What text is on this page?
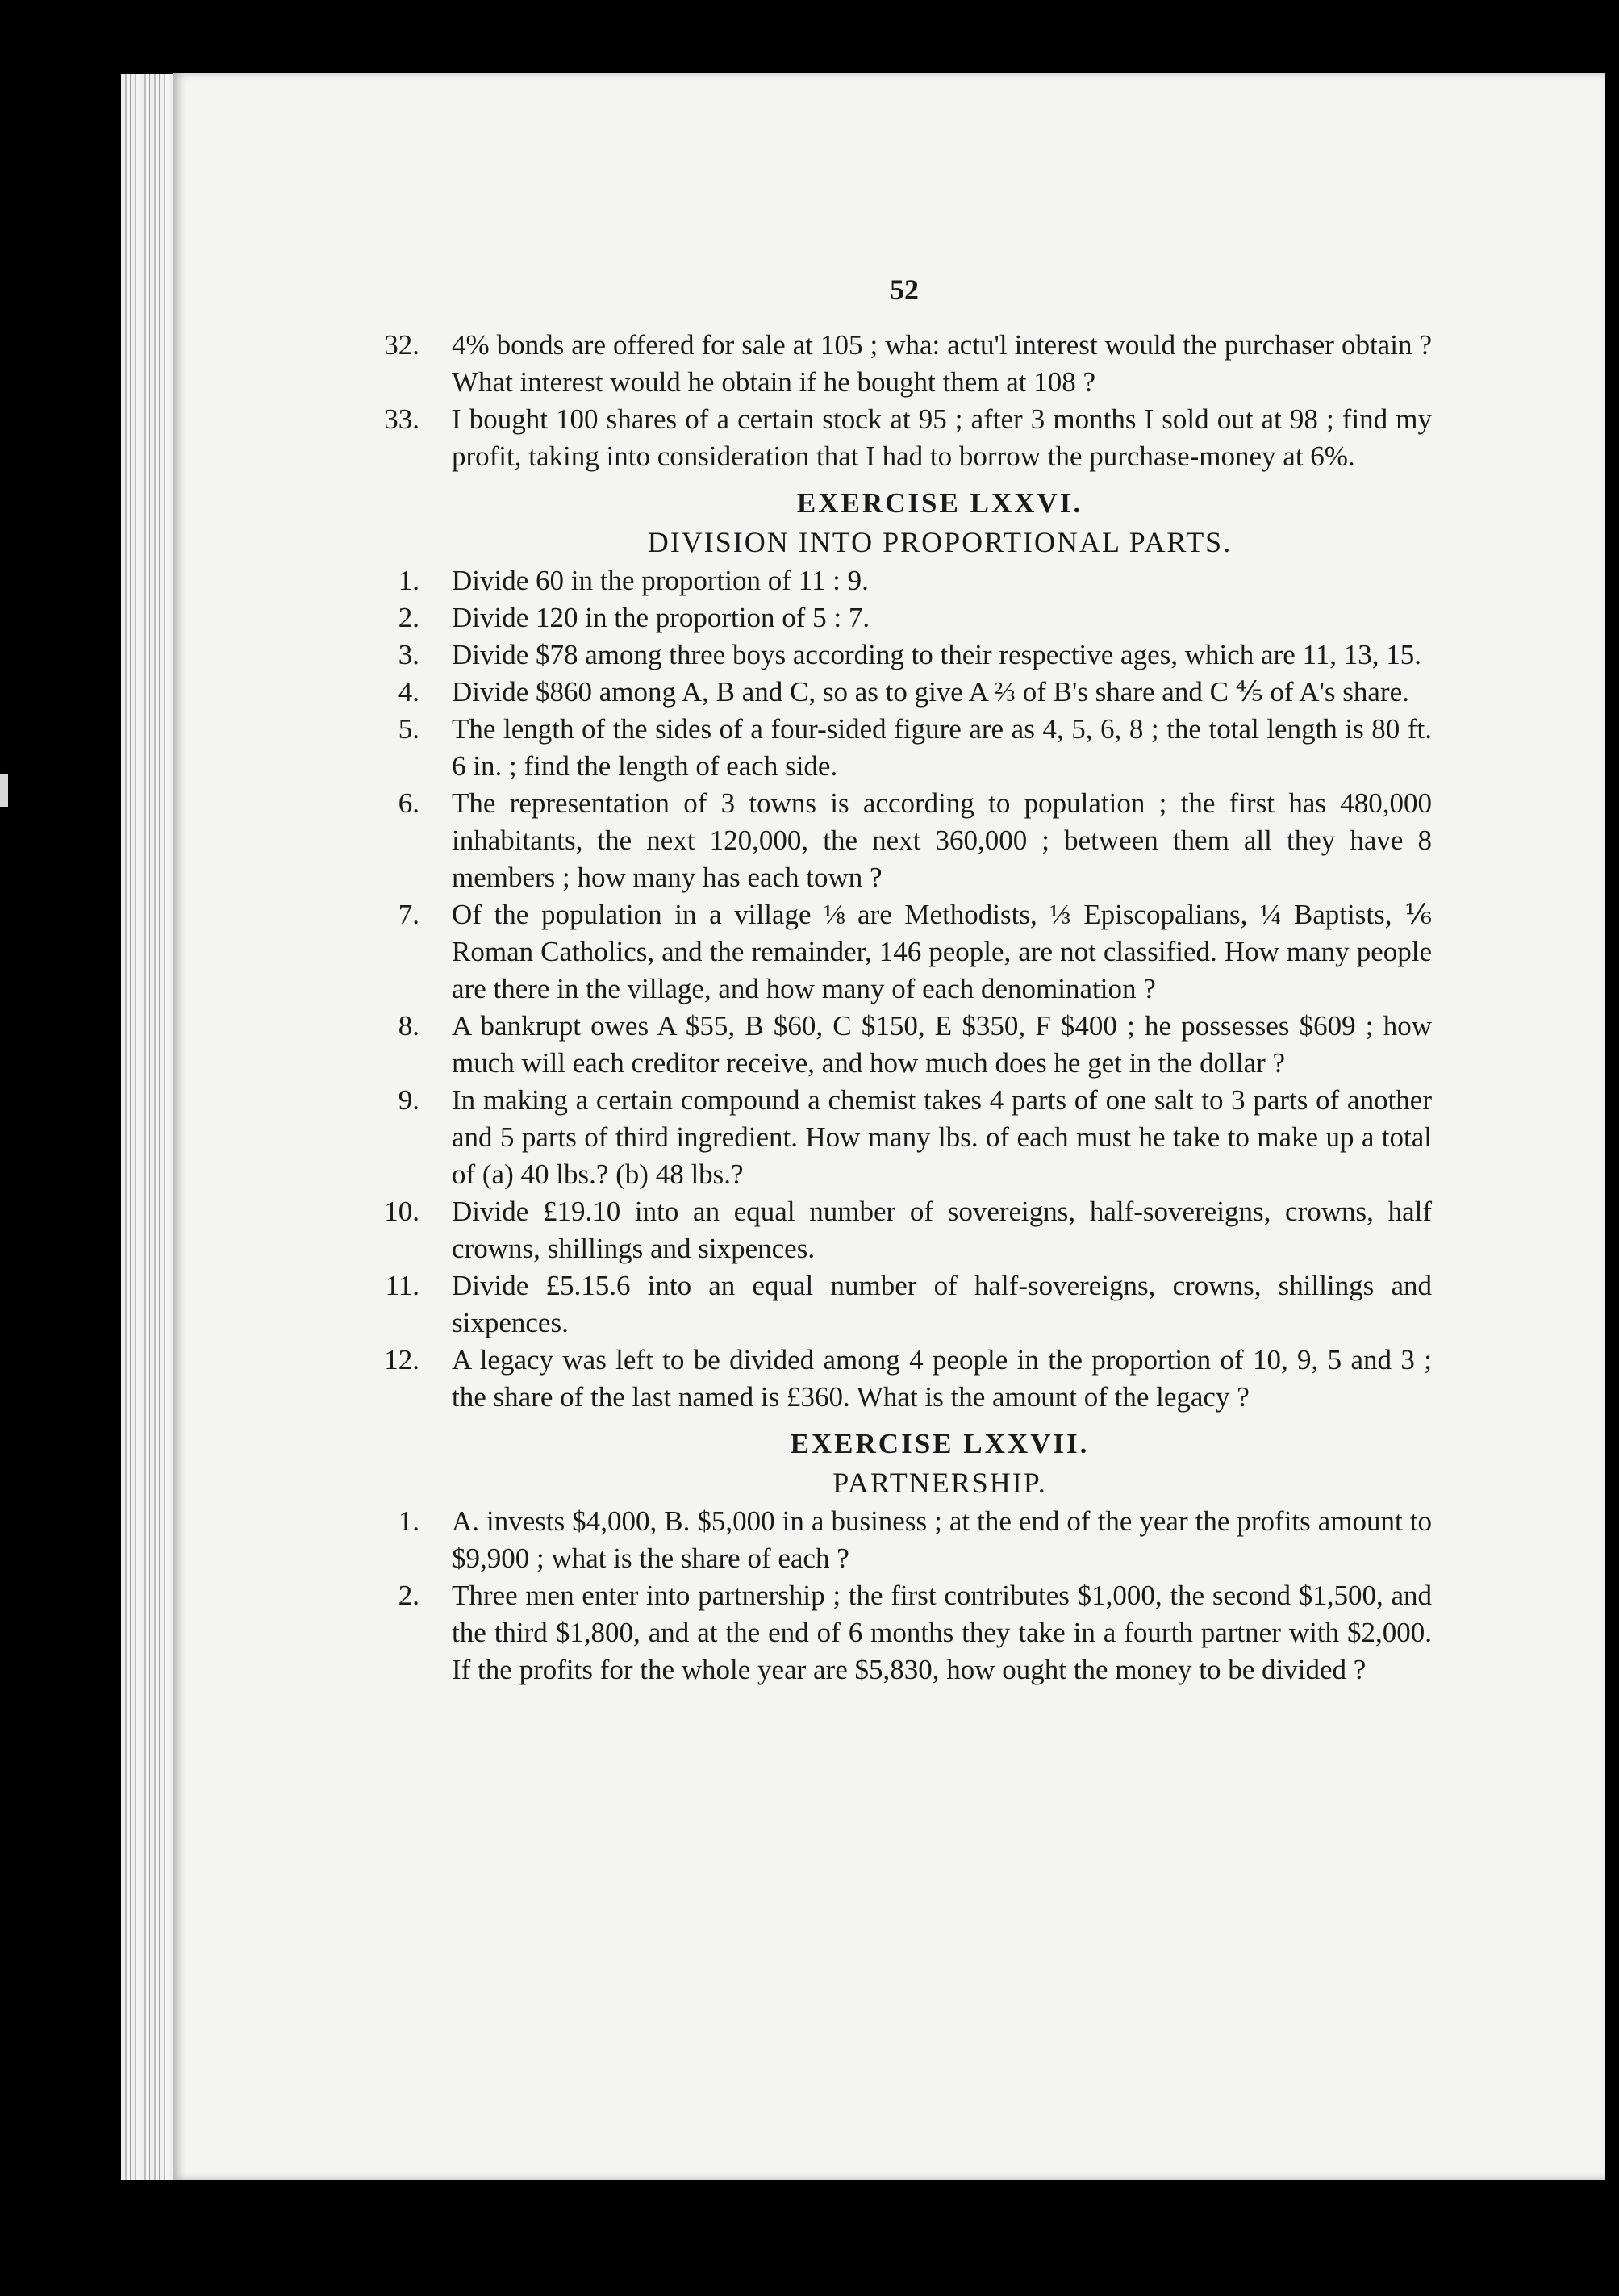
52
32. 4% bonds are offered for sale at 105 ; wha: actu'l interest would the purchaser obtain ? What interest would he obtain if he bought them at 108 ?
33. I bought 100 shares of a certain stock at 95 ; after 3 months I sold out at 98 ; find my profit, taking into consideration that I had to borrow the purchase-money at 6%.
EXERCISE LXXVI.
DIVISION INTO PROPORTIONAL PARTS.
1. Divide 60 in the proportion of 11 : 9.
2. Divide 120 in the proportion of 5 : 7.
3. Divide $78 among three boys according to their respective ages, which are 11, 13, 15.
4. Divide $860 among A, B and C, so as to give A ⅔ of B's share and C ⅘ of A's share.
5. The length of the sides of a four-sided figure are as 4, 5, 6, 8 ; the total length is 80 ft. 6 in. ; find the length of each side.
6. The representation of 3 towns is according to population ; the first has 480,000 inhabitants, the next 120,000, the next 360,000 ; between them all they have 8 members ; how many has each town ?
7. Of the population in a village ⅛ are Methodists, ⅓ Episcopalians, ¼ Baptists, ⅙ Roman Catholics, and the remainder, 146 people, are not classified. How many people are there in the village, and how many of each denomination ?
8. A bankrupt owes A $55, B $60, C $150, E $350, F $400 ; he possesses $609 ; how much will each creditor receive, and how much does he get in the dollar ?
9. In making a certain compound a chemist takes 4 parts of one salt to 3 parts of another and 5 parts of third ingredient. How many lbs. of each must he take to make up a total of (a) 40 lbs.? (b) 48 lbs.?
10. Divide £19.10 into an equal number of sovereigns, half-sovereigns, crowns, half crowns, shillings and sixpences.
11. Divide £5.15.6 into an equal number of half-sovereigns, crowns, shillings and sixpences.
12. A legacy was left to be divided among 4 people in the proportion of 10, 9, 5 and 3 ; the share of the last named is £360. What is the amount of the legacy ?
EXERCISE LXXVII.
PARTNERSHIP.
1. A. invests $4,000, B. $5,000 in a business ; at the end of the year the profits amount to $9,900 ; what is the share of each ?
2. Three men enter into partnership ; the first contributes $1,000, the second $1,500, and the third $1,800, and at the end of 6 months they take in a fourth partner with $2,000. If the profits for the whole year are $5,830, how ought the money to be divided ?
